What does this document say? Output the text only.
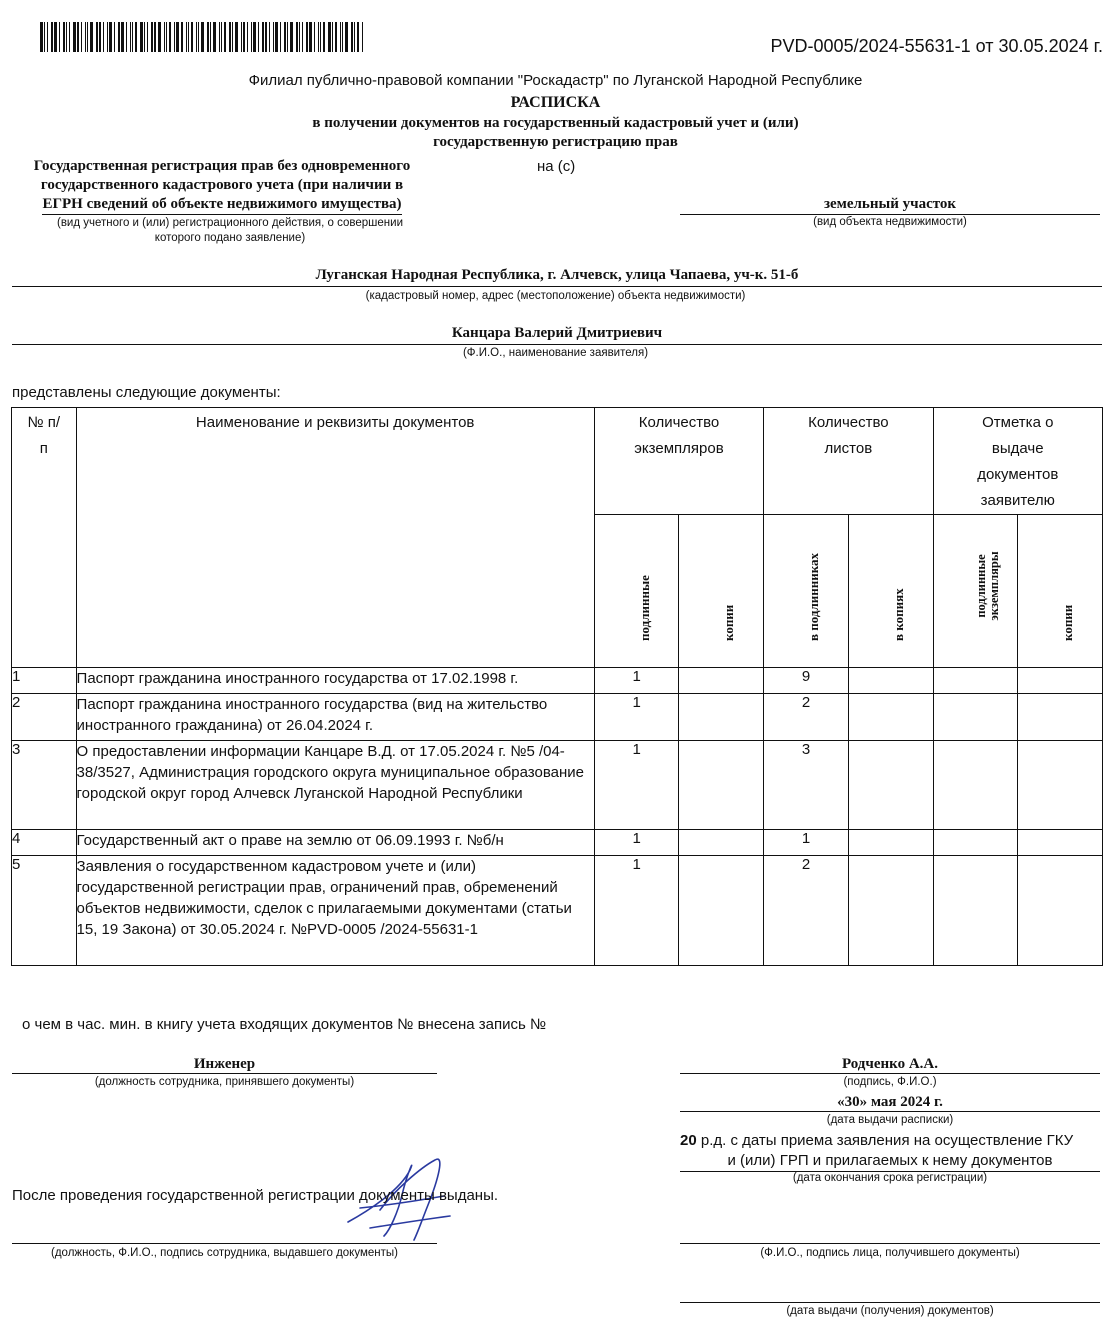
PVD-0005/2024-55631-1 от 30.05.2024 г.
Филиал публично-правовой компании "Роскадастр" по Луганской Народной Республике
РАСПИСКА
в получении документов на государственный кадастровый учет и (или)
государственную регистрацию прав
Государственная регистрация прав без одновременного
государственного кадастрового учета (при наличии в
ЕГРН сведений об объекте недвижимого имущества)
на (с)
(вид учетного и (или) регистрационного действия, о совершении
которого подано заявление)
земельный участок
(вид объекта недвижимости)
Луганская Народная Республика, г. Алчевск, улица Чапаева, уч-к. 51-б
(кадастровый номер, адрес (местоположение) объекта недвижимости)
Канцара Валерий Дмитриевич
(Ф.И.О., наименование заявителя)
представлены следующие документы:
№ п/п	Наименование и реквизиты документов	Количество экземпляров		Количество листов		Отметка о выдаче документов заявителю	

		подлинные	копии	в подлинниках	в копиях	подлинные экземпляры	копии

1	Паспорт гражданина иностранного государства от 17.02.1998 г.	1		9			
2	Паспорт гражданина иностранного государства (вид на жительство иностранного гражданина) от 26.04.2024 г.	1		2			
3	О предоставлении информации Канцаре В.Д. от 17.05.2024 г. №5 /04-38/3527, Администрация городского округа муниципальное образование городской округ город Алчевск Луганской Народной Республики	1		3			
4	Государственный акт о праве на землю от 06.09.1993 г. №б/н	1		1			
5	Заявления о государственном кадастровом учете и (или) государственной регистрации прав, ограничений прав, обременений объектов недвижимости, сделок с прилагаемыми документами (статьи 15, 19 Закона) от 30.05.2024 г. №PVD-0005 /2024-55631-1	1		2			
о чем в час. мин. в книгу учета входящих документов № внесена запись №
Инженер
(должность сотрудника, принявшего документы)
Родченко А.А.
(подпись, Ф.И.О.)
«30» мая 2024 г.
(дата выдачи расписки)
20 р.д. с даты приема заявления на осуществление ГКУ
и (или) ГРП и прилагаемых к нему документов
(дата окончания срока регистрации)
После проведения государственной регистрации документы выданы.
(должность, Ф.И.О., подпись сотрудника, выдавшего документы)	(Ф.И.О., подпись лица, получившего документы)
(дата выдачи (получения) документов)
